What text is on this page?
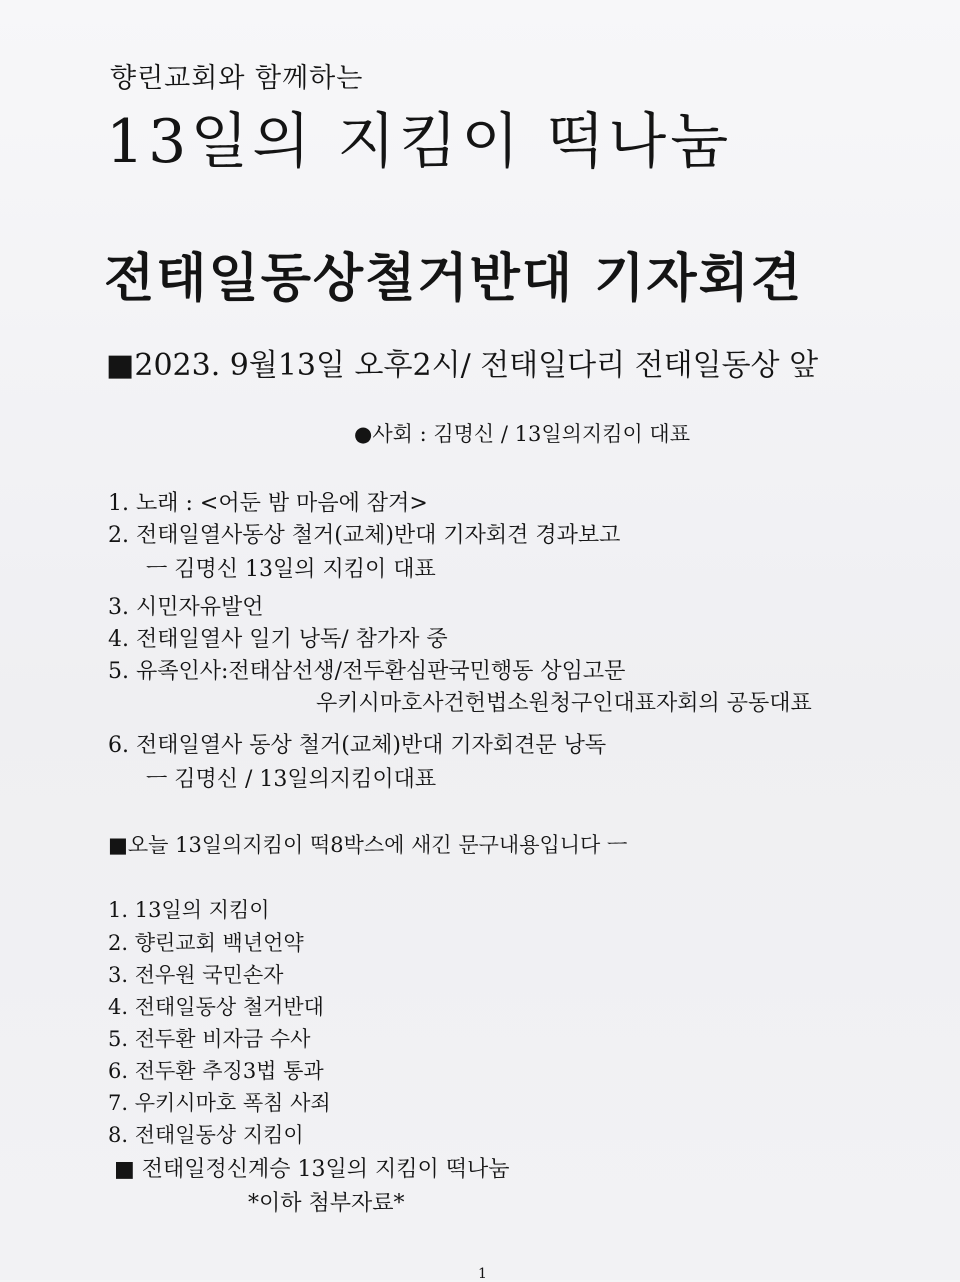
향린교회와 함께하는
13일의 지킴이 떡나눔
전태일동상철거반대 기자회견
■2023. 9월13일 오후2시/ 전태일다리 전태일동상 앞
●사회 : 김명신 / 13일의지킴이 대표
1. 노래 : <어둔 밤 마음에 잠겨>
2. 전태일열사동상 철거(교체)반대 기자회견 경과보고
ㅡ 김명신 13일의 지킴이 대표
3. 시민자유발언
4. 전태일열사 일기 낭독/ 참가자 중
5. 유족인사:전태삼선생/전두환심판국민행동 상임고문
우키시마호사건헌법소원청구인대표자회의 공동대표
6. 전태일열사 동상 철거(교체)반대 기자회견문 낭독
ㅡ 김명신 / 13일의지킴이대표
■오늘 13일의지킴이 떡8박스에 새긴 문구내용입니다 ㅡ
1. 13일의 지킴이
2. 향린교회 백년언약
3. 전우원 국민손자
4. 전태일동상 철거반대
5. 전두환 비자금 수사
6. 전두환 추징3법 통과
7. 우키시마호 폭침 사죄
8. 전태일동상 지킴이
■ 전태일정신계승 13일의 지킴이 떡나눔
*이하 첨부자료*
1
